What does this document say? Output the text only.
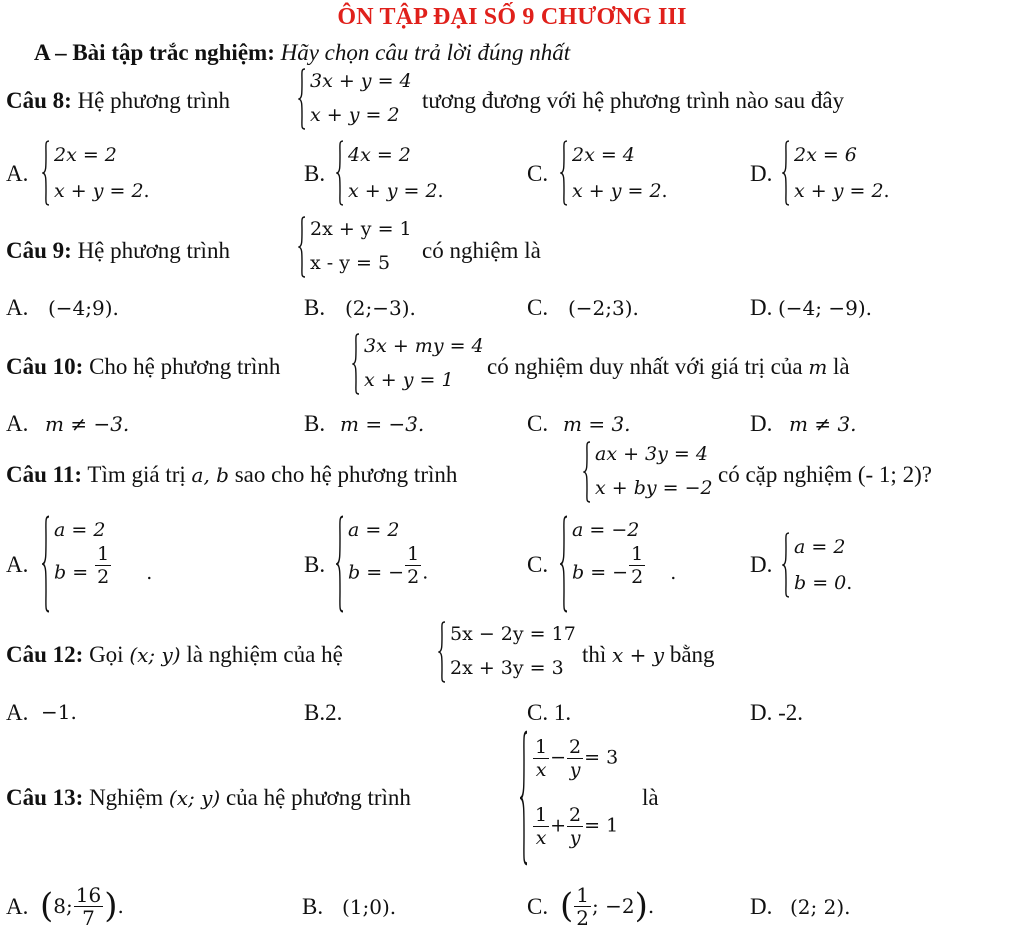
ÔN TẬP ĐẠI SỐ 9 CHƯƠNG III
A – Bài tập trắc nghiệm: Hãy chọn câu trả lời đúng nhất
Câu 8: Hệ phương trình
3x + y = 4
x + y = 2
tương đương với hệ phương trình nào sau đây
A.
2x = 2
x + y = 2.
B.
4x = 2
x + y = 2.
C.
2x = 4
x + y = 2.
D.
2x = 6
x + y = 2.
Câu 9: Hệ phương trình
2x + y = 1
x - y = 5 có nghiệm là
A. (−4;9).	B. (2;−3).	C. (−2;3).	D. (−4; −9).
Câu 10: Cho hệ phương trình
3x + my = 4
x + y = 1
có nghiệm duy nhất với giá trị của m là
A. m ≠ −3.	B. m = −3.	C. m = 3.	D. m ≠ 3.
Câu 11: Tìm giá trị a, b sao cho hệ phương trình
ax + 3y = 4
x + by = −2
có cặp nghiệm (- 1; 2)?
A.
a = 2
$b = \frac{1}{2}$ .	B.
a = 2
b = − $\frac{1}{2}$ .	C.
a = −2
b = − $\frac{1}{2}$ .	D.
a = 2
b = 0.
Câu 12: Gọi (x; y) là nghiệm của hệ
5x − 2y = 17
2x + 3y = 3
thì x + y bằng
A. −1.	B.2.	C. 1.	D. -2.
Câu 13: Nghiệm (x; y) của hệ phương trình
$\frac{1}{x} - \frac{2}{y} = 3$
$\frac{1}{x} + \frac{2}{y} = 1$
là
A. ( 8; $\frac{16}{7}$ ) .	B. (1;0).	C. ( $\frac{1}{2}$ ; −2 ) .	D. (2; 2).
